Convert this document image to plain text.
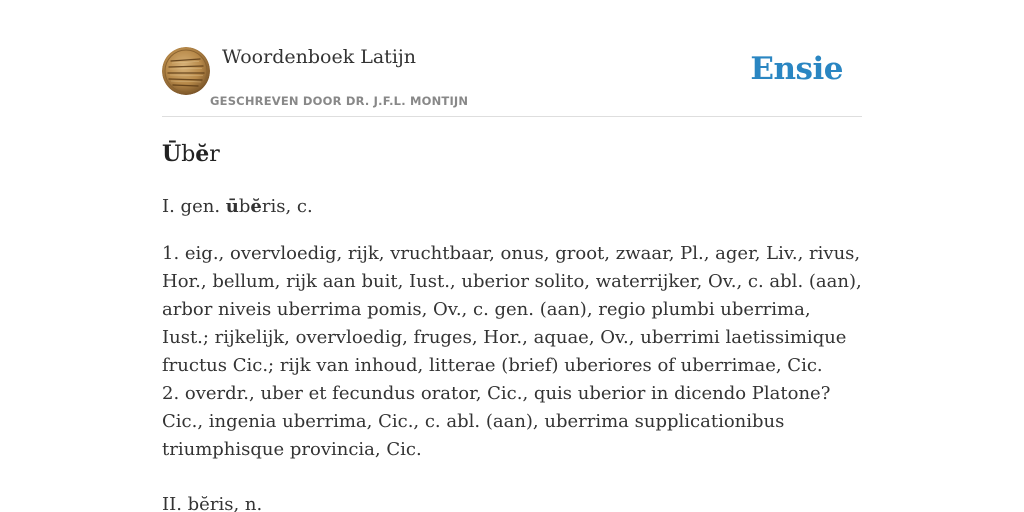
Woordenboek Latijn
GESCHREVEN DOOR DR. J.F.L. MONTIJN
Ensie
Ūbĕr

I. gen. ūbĕris, c.

1. eig., overvloedig, rijk, vruchtbaar, onus, groot, zwaar, Pl., ager, Liv., rivus, Hor., bellum, rijk aan buit, Iust., uberior solito, waterrijker, Ov., c. abl. (aan), arbor niveis uberrima pomis, Ov., c. gen. (aan), regio plumbi uberrima, Iust.; rijkelijk, overvloedig, fruges, Hor., aquae, Ov., uberrimi laetissimique fructus Cic.; rijk van inhoud, litterae (brief) uberiores of uberrimae, Cic.

2. overdr., uber et fecundus orator, Cic., quis uberior in dicendo Platone? Cic., ingenia uberrima, Cic., c. abl. (aan), uberrima supplicationibus triumphisque provincia, Cic.

II. bĕris, n.
